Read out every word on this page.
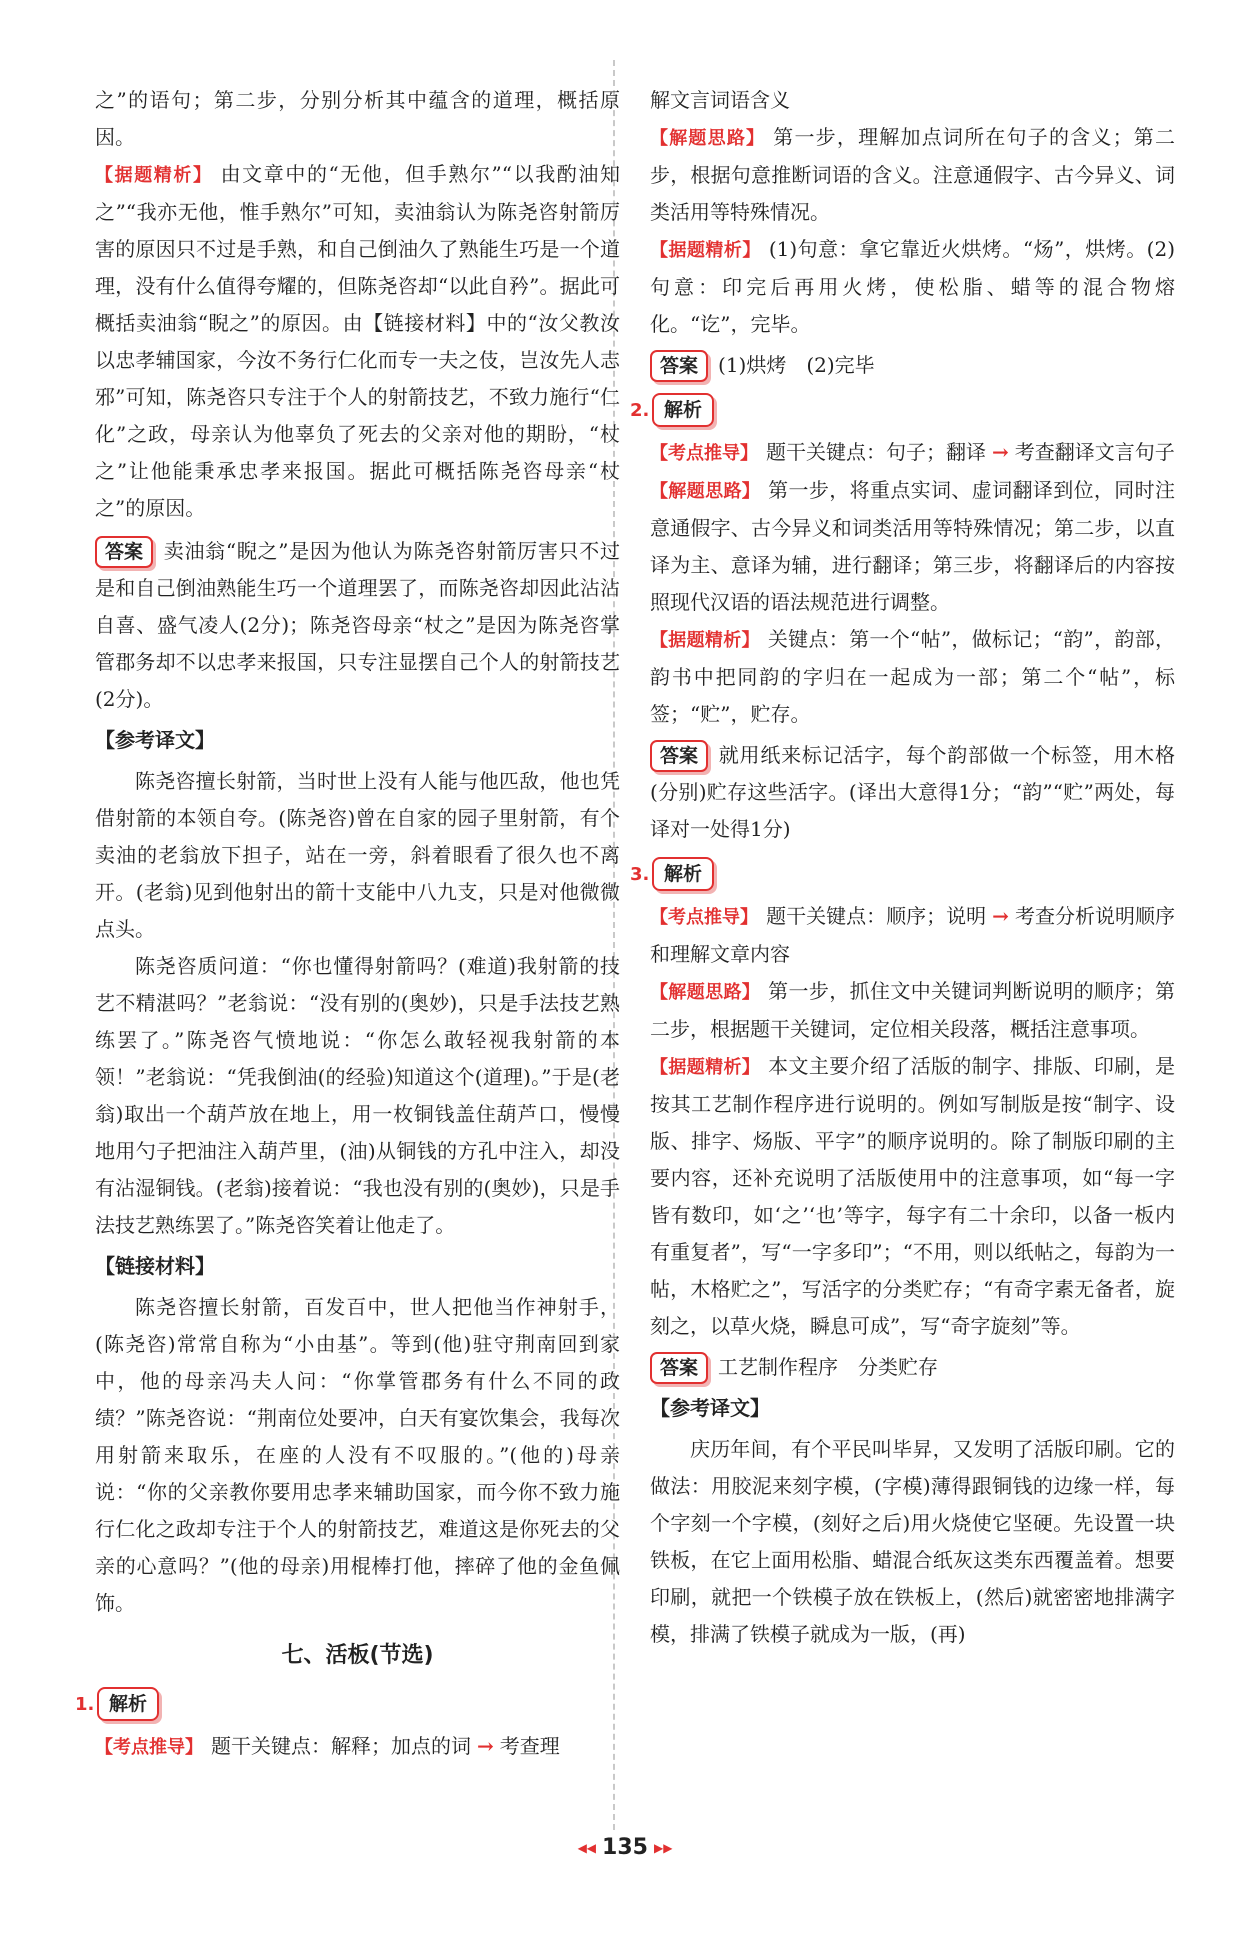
之”的语句；第二步，分别分析其中蕴含的道理，概括原因。

【据题精析】 由文章中的“无他，但手熟尔”“以我酌油知之”“我亦无他，惟手熟尔”可知，卖油翁认为陈尧咨射箭厉害的原因只不过是手熟，和自己倒油久了熟能生巧是一个道理，没有什么值得夸耀的，但陈尧咨却“以此自矜”。据此可概括卖油翁“睨之”的原因。由【链接材料】中的“汝父教汝以忠孝辅国家，今汝不务行仁化而专一夫之伎，岂汝先人志邪”可知，陈尧咨只专注于个人的射箭技艺，不致力施行“仁化”之政，母亲认为他辜负了死去的父亲对他的期盼，“杖之”让他能秉承忠孝来报国。据此可概括陈尧咨母亲“杖之”的原因。

答案 卖油翁“睨之”是因为他认为陈尧咨射箭厉害只不过是和自己倒油熟能生巧一个道理罢了，而陈尧咨却因此沾沾自喜、盛气凌人(2分)；陈尧咨母亲“杖之”是因为陈尧咨掌管郡务却不以忠孝来报国，只专注显摆自己个人的射箭技艺(2分)。

【参考译文】

陈尧咨擅长射箭，当时世上没有人能与他匹敌，他也凭借射箭的本领自夸。(陈尧咨)曾在自家的园子里射箭，有个卖油的老翁放下担子，站在一旁，斜着眼看了很久也不离开。(老翁)见到他射出的箭十支能中八九支，只是对他微微点头。

陈尧咨质问道：“你也懂得射箭吗？(难道)我射箭的技艺不精湛吗？”老翁说：“没有别的(奥妙)，只是手法技艺熟练罢了。”陈尧咨气愤地说：“你怎么敢轻视我射箭的本领！”老翁说：“凭我倒油(的经验)知道这个(道理)。”于是(老翁)取出一个葫芦放在地上，用一枚铜钱盖住葫芦口，慢慢地用勺子把油注入葫芦里，(油)从铜钱的方孔中注入，却没有沾湿铜钱。(老翁)接着说：“我也没有别的(奥妙)，只是手法技艺熟练罢了。”陈尧咨笑着让他走了。

【链接材料】

陈尧咨擅长射箭，百发百中，世人把他当作神射手，(陈尧咨)常常自称为“小由基”。等到(他)驻守荆南回到家中，他的母亲冯夫人问：“你掌管郡务有什么不同的政绩？”陈尧咨说：“荆南位处要冲，白天有宴饮集会，我每次用射箭来取乐，在座的人没有不叹服的。”(他的)母亲说：“你的父亲教你要用忠孝来辅助国家，而今你不致力施行仁化之政却专注于个人的射箭技艺，难道这是你死去的父亲的心意吗？”(他的母亲)用棍棒打他，摔碎了他的金鱼佩饰。

七、活板(节选)
1. 解析

【考点推导】 题干关键点：解释；加点的词 → 考查理

解文言词语含义

【解题思路】 第一步，理解加点词所在句子的含义；第二步，根据句意推断词语的含义。注意通假字、古今异义、词类活用等特殊情况。

【据题精析】 (1)句意：拿它靠近火烘烤。“炀”，烘烤。(2)句意：印完后再用火烤，使松脂、蜡等的混合物熔化。“讫”，完毕。

答案 (1)烘烤　(2)完毕

2. 解析

【考点推导】 题干关键点：句子；翻译 → 考查翻译文言句子

【解题思路】 第一步，将重点实词、虚词翻译到位，同时注意通假字、古今异义和词类活用等特殊情况；第二步，以直译为主、意译为辅，进行翻译；第三步，将翻译后的内容按照现代汉语的语法规范进行调整。

【据题精析】 关键点：第一个“帖”，做标记；“韵”，韵部，韵书中把同韵的字归在一起成为一部；第二个“帖”，标签；“贮”，贮存。

答案 就用纸来标记活字，每个韵部做一个标签，用木格(分别)贮存这些活字。(译出大意得1分；“韵”“贮”两处，每译对一处得1分)

3. 解析

【考点推导】 题干关键点：顺序；说明 → 考查分析说明顺序和理解文章内容

【解题思路】 第一步，抓住文中关键词判断说明的顺序；第二步，根据题干关键词，定位相关段落，概括注意事项。

【据题精析】 本文主要介绍了活版的制字、排版、印刷，是按其工艺制作程序进行说明的。例如写制版是按“制字、设版、排字、炀版、平字”的顺序说明的。除了制版印刷的主要内容，还补充说明了活版使用中的注意事项，如“每一字皆有数印，如‘之’‘也’等字，每字有二十余印，以备一板内有重复者”，写“一字多印”；“不用，则以纸帖之，每韵为一帖，木格贮之”，写活字的分类贮存；“有奇字素无备者，旋刻之，以草火烧，瞬息可成”，写“奇字旋刻”等。

答案 工艺制作程序　分类贮存

【参考译文】

庆历年间，有个平民叫毕昇，又发明了活版印刷。它的做法：用胶泥来刻字模，(字模)薄得跟铜钱的边缘一样，每个字刻一个字模，(刻好之后)用火烧使它坚硬。先设置一块铁板，在它上面用松脂、蜡混合纸灰这类东西覆盖着。想要印刷，就把一个铁模子放在铁板上，(然后)就密密地排满字模，排满了铁模子就成为一版，(再)

◀◀ 135 ▶▶
